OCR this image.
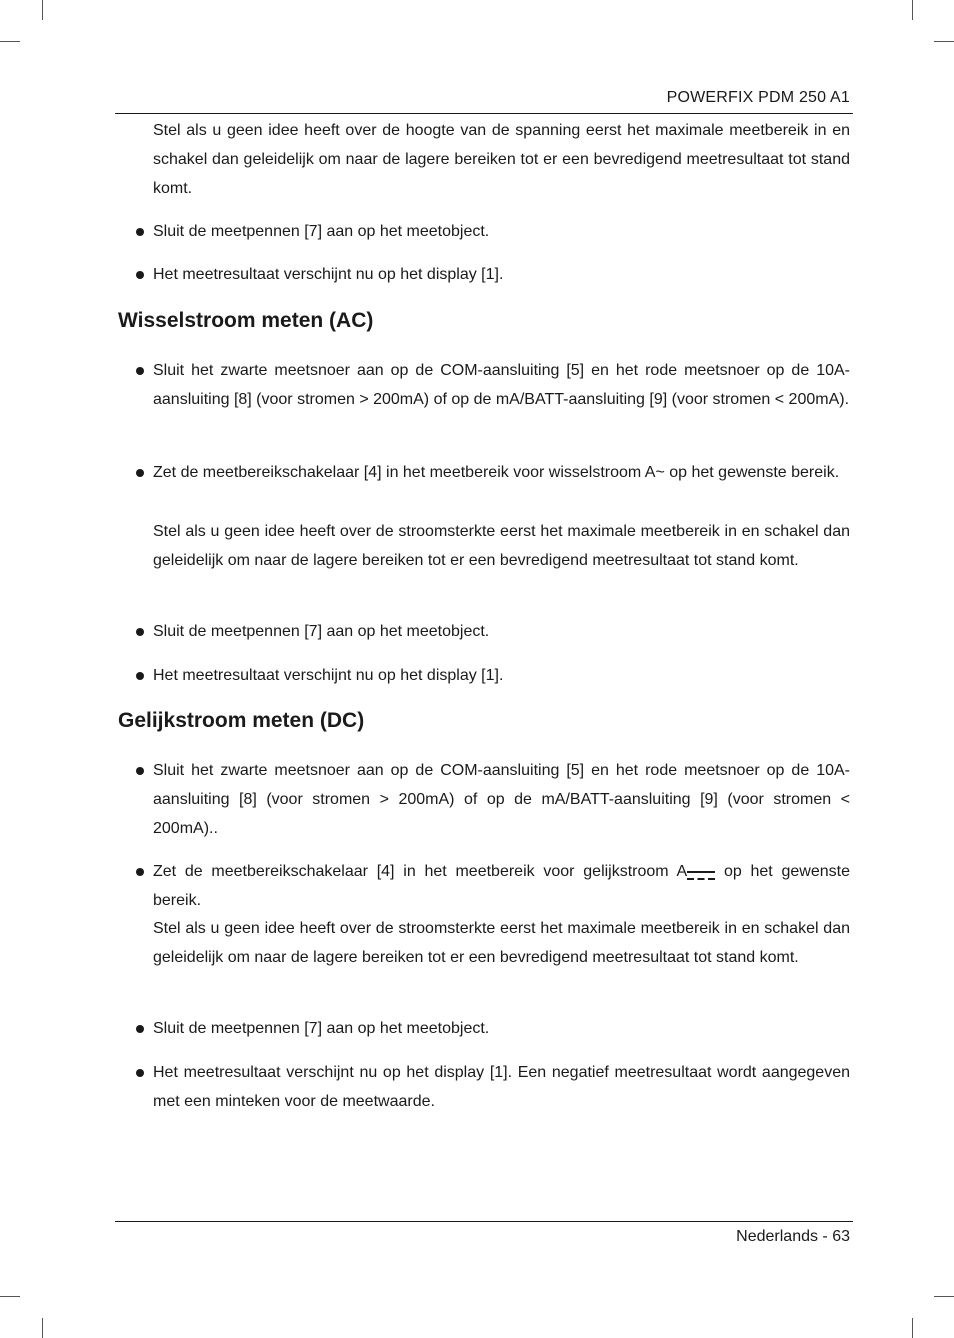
POWERFIX PDM 250 A1
Stel als u geen idee heeft over de hoogte van de spanning eerst het maximale meetbereik in en schakel dan geleidelijk om naar de lagere bereiken tot er een bevredigend meetresultaat tot stand komt.
Sluit de meetpennen [7] aan op het meetobject.
Het meetresultaat verschijnt nu op het display [1].
Wisselstroom meten (AC)
Sluit het zwarte meetsnoer aan op de COM-aansluiting [5] en het rode meetsnoer op de 10A-aansluiting [8] (voor stromen > 200mA) of op de mA/BATT-aansluiting [9] (voor stromen < 200mA).
Zet de meetbereikschakelaar [4] in het meetbereik voor wisselstroom A~ op het gewenste bereik.
Stel als u geen idee heeft over de stroomsterkte eerst het maximale meetbereik in en schakel dan geleidelijk om naar de lagere bereiken tot er een bevredigend meetresultaat tot stand komt.
Sluit de meetpennen [7] aan op het meetobject.
Het meetresultaat verschijnt nu op het display [1].
Gelijkstroom meten (DC)
Sluit het zwarte meetsnoer aan op de COM-aansluiting [5] en het rode meetsnoer op de 10A-aansluiting [8] (voor stromen > 200mA) of op de mA/BATT-aansluiting [9] (voor stromen < 200mA)..
Zet de meetbereikschakelaar [4] in het meetbereik voor gelijkstroom A op het gewenste bereik.
Stel als u geen idee heeft over de stroomsterkte eerst het maximale meetbereik in en schakel dan geleidelijk om naar de lagere bereiken tot er een bevredigend meetresultaat tot stand komt.
Sluit de meetpennen [7] aan op het meetobject.
Het meetresultaat verschijnt nu op het display [1]. Een negatief meetresultaat wordt aangegeven met een minteken voor de meetwaarde.
Nederlands - 63
